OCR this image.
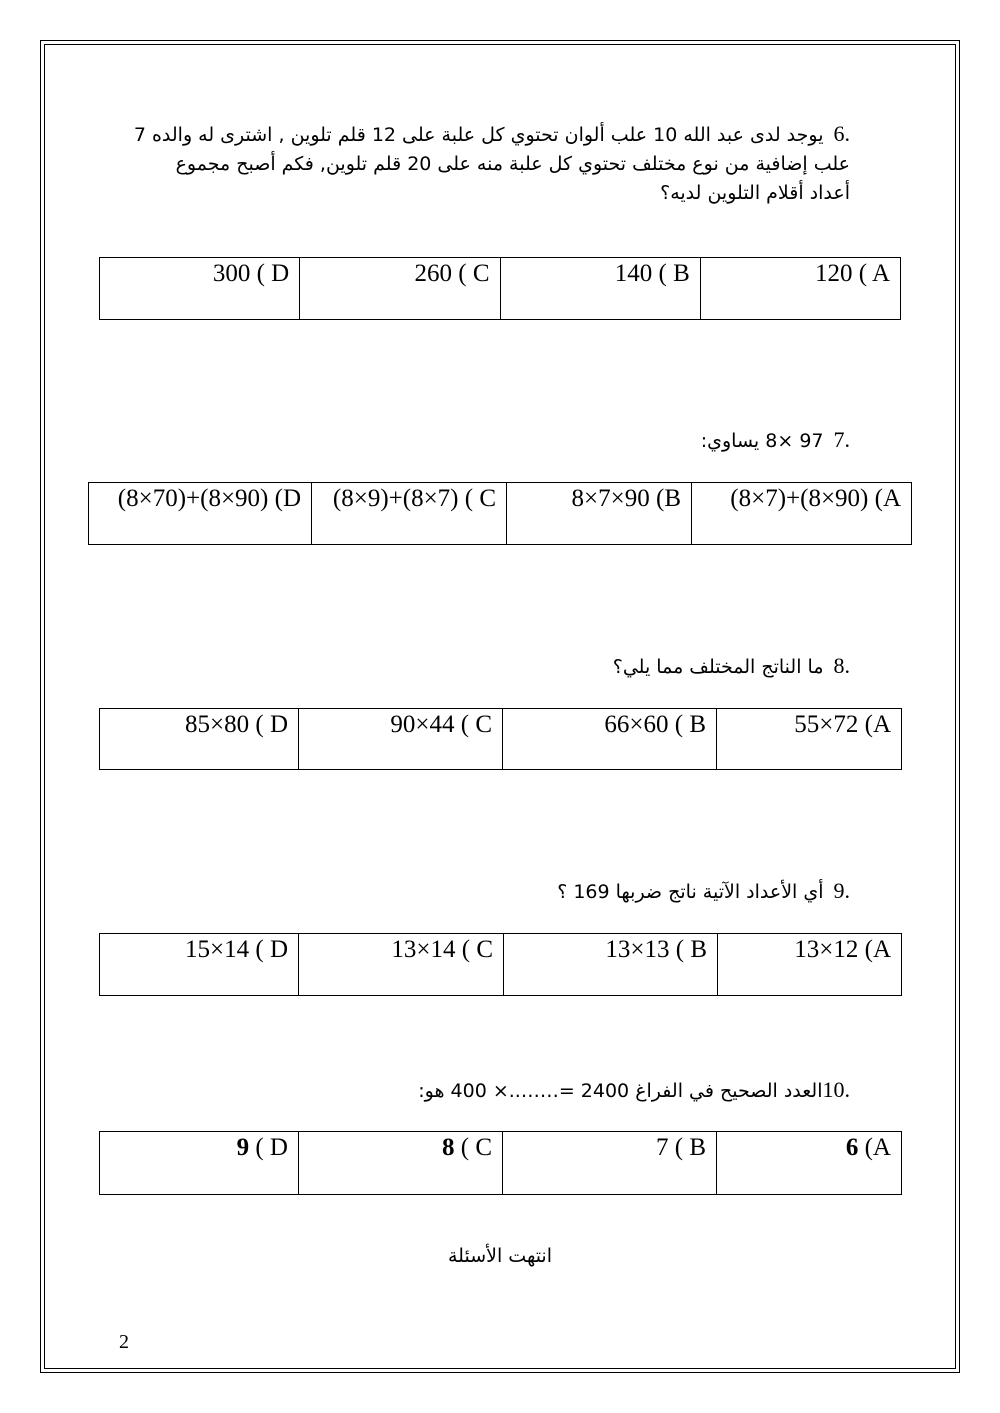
6.يوجد لدى عبد الله 10 علب ألوان تحتوي كل علبة على 12 قلم تلوين , اشترى له والده 7 علب إضافية من نوع مختلف تحتوي كل علبة منه على 20 قلم تلوين, فكم أصبح مجموع أعداد أقلام التلوين لديه؟
300 ( D	260 ( C	140 ( B	120 ( A
7.97 ×8 يساوي:
(8×70)+(8×90) (D	(8×9)+(8×7) ( C	8×7×90 (B	(8×7)+(8×90) (A
8.ما الناتج المختلف مما يلي؟
85×80 ( D	90×44 ( C	66×60 ( B	55×72 (A
9.أي الأعداد الآتية ناتج ضربها 169 ؟
15×14 ( D	13×14 ( C	13×13 ( B	13×12 (A
10.العدد الصحيح في الفراغ 2400 =……..× 400 هو:
9 ( D	8 ( C	7 ( B	6 (A
انتهت الأسئلة
2
